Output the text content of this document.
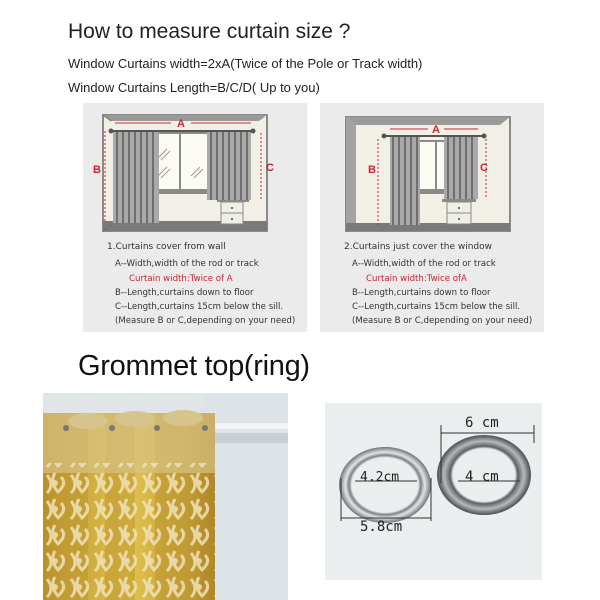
How to measure curtain size ?
Window Curtains width=2xA(Twice of the Pole or Track width)
Window Curtains Length=B/C/D( Up to you)
A
B	C
1.Curtains cover from wall
A--Width,width of the rod or track
Curtain width:Twice of A
B--Length,curtains down to floor
C--Length,curtains 15cm below the sill.
(Measure B or C,depending on your need)
A
B	C
2.Curtains just cover the window
A--Width,width of the rod or track
Curtain width:Twice ofA
B--Length,curtains down to floor
C--Length,curtains 15cm below the sill.
(Measure B or C,depending on your need)
Grommet top(ring)
4.2cm
5.8cm
4 cm
6 cm
